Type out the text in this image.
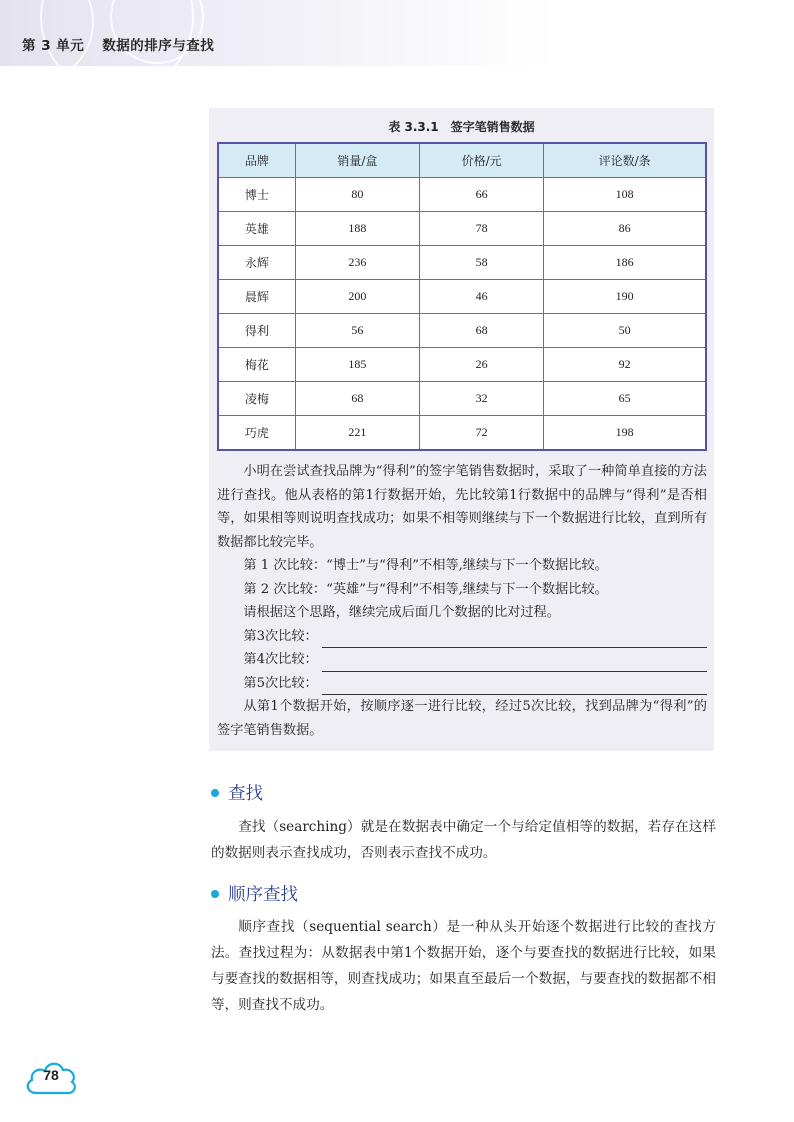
第 3 单元 数据的排序与查找
表 3.3.1　签字笔销售数据
品牌	销量/盒	价格/元	评论数/条
博士	80	66	108
英雄	188	78	86
永辉	236	58	186
晨辉	200	46	190
得利	56	68	50
梅花	185	26	92
凌梅	68	32	65
巧虎	221	72	198

小明在尝试查找品牌为“得利”的签字笔销售数据时，采取了一种简单直接的方法进行查找。他从表格的第1行数据开始，先比较第1行数据中的品牌与“得利”是否相等，如果相等则说明查找成功；如果不相等则继续与下一个数据进行比较，直到所有数据都比较完毕。

第 1 次比较：“博士”与“得利”不相等,继续与下一个数据比较。

第 2 次比较：“英雄”与“得利”不相等,继续与下一个数据比较。

请根据这个思路，继续完成后面几个数据的比对过程。

第3次比较：
第4次比较：
第5次比较：

从第1个数据开始，按顺序逐一进行比较，经过5次比较，找到品牌为“得利”的签字笔销售数据。

查找

查找（searching）就是在数据表中确定一个与给定值相等的数据，若存在这样的数据则表示查找成功，否则表示查找不成功。

顺序查找

顺序查找（sequential search）是一种从头开始逐个数据进行比较的查找方法。查找过程为：从数据表中第1个数据开始，逐个与要查找的数据进行比较，如果与要查找的数据相等，则查找成功；如果直至最后一个数据，与要查找的数据都不相等，则查找不成功。

78
